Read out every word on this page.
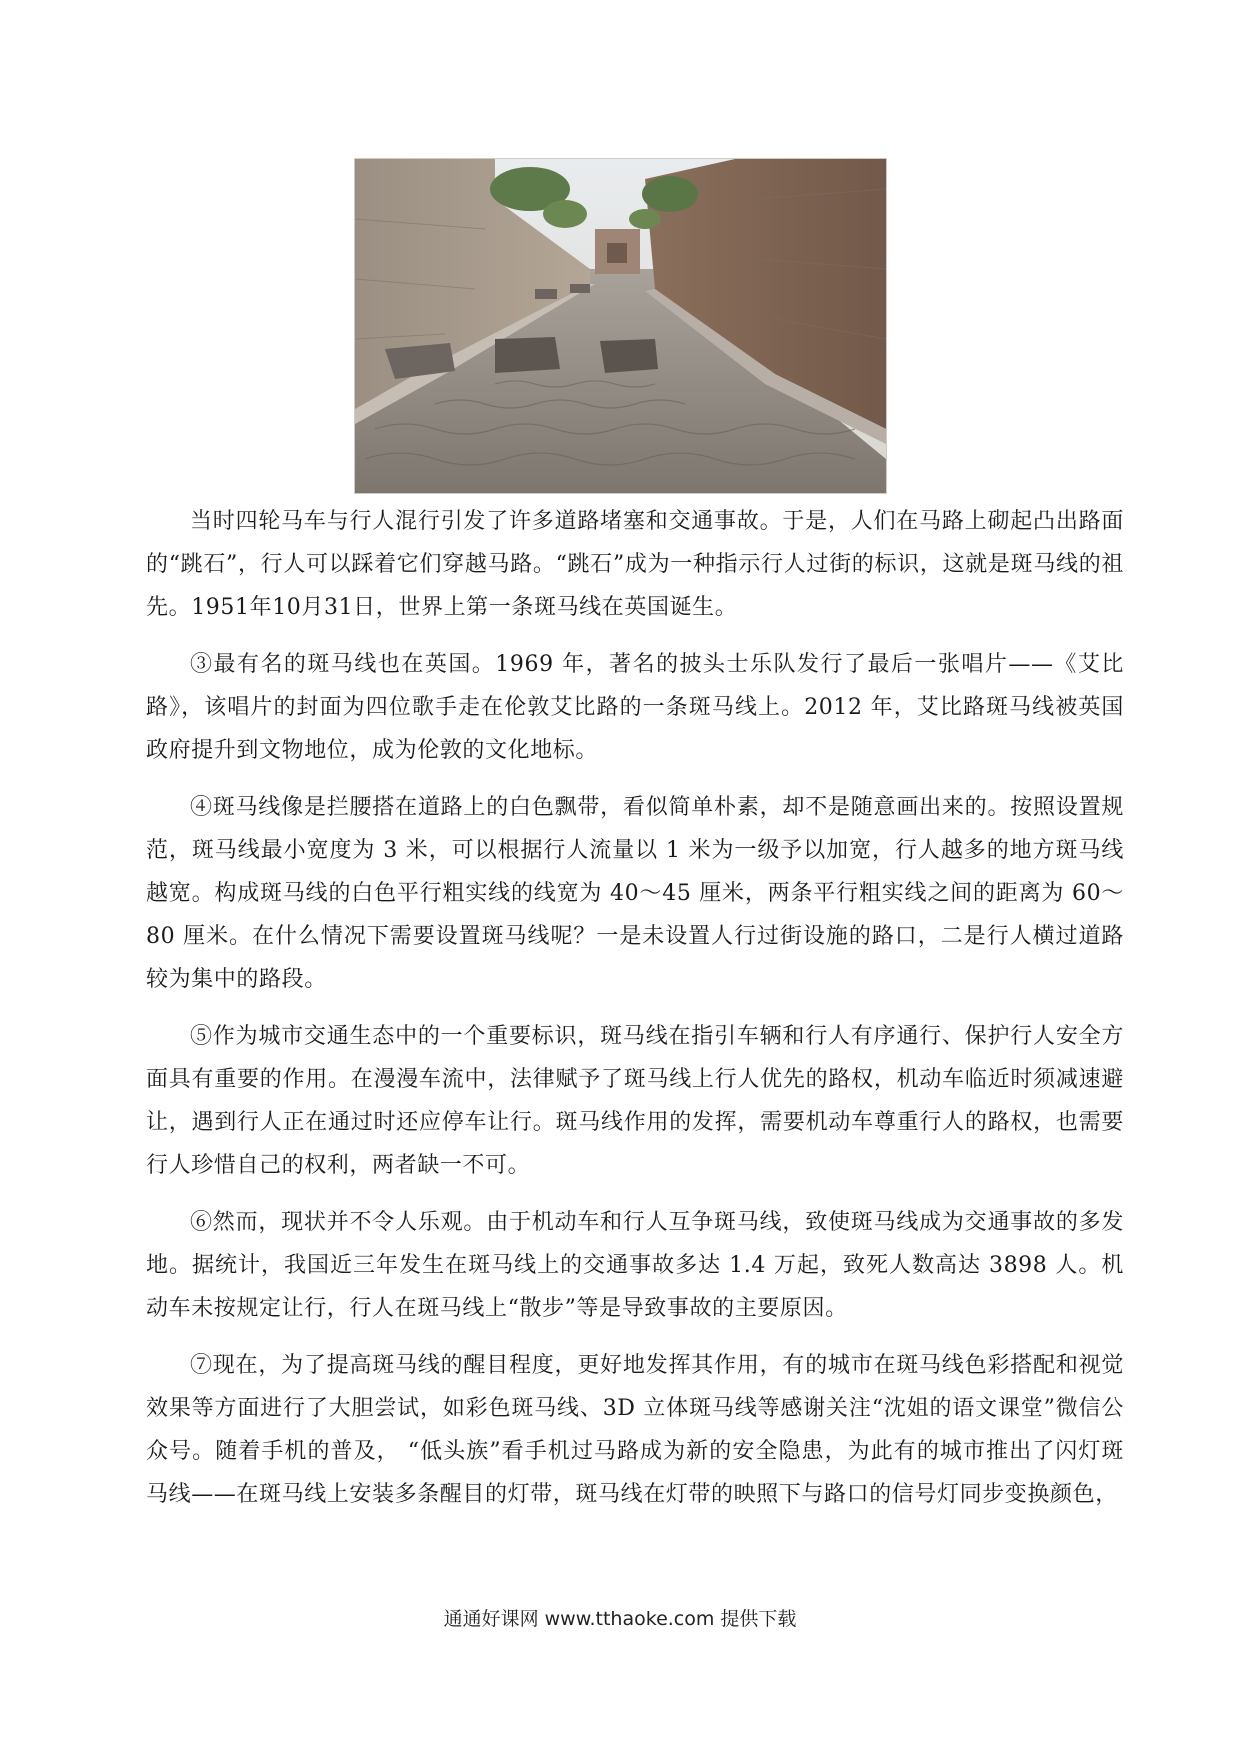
当时四轮马车与行人混行引发了许多道路堵塞和交通事故。于是，人们在马路上砌起凸出路面的“跳石”，行人可以踩着它们穿越马路。“跳石”成为一种指示行人过街的标识，这就是斑马线的祖先。1951年10月31日，世界上第一条斑马线在英国诞生。

③最有名的斑马线也在英国。1969 年，著名的披头士乐队发行了最后一张唱片——《艾比路》，该唱片的封面为四位歌手走在伦敦艾比路的一条斑马线上。2012 年，艾比路斑马线被英国政府提升到文物地位，成为伦敦的文化地标。

④斑马线像是拦腰搭在道路上的白色飘带，看似简单朴素，却不是随意画出来的。按照设置规范，斑马线最小宽度为 3 米，可以根据行人流量以 1 米为一级予以加宽，行人越多的地方斑马线越宽。构成斑马线的白色平行粗实线的线宽为 40～45 厘米，两条平行粗实线之间的距离为 60～80 厘米。在什么情况下需要设置斑马线呢？一是未设置人行过街设施的路口，二是行人横过道路较为集中的路段。

⑤作为城市交通生态中的一个重要标识，斑马线在指引车辆和行人有序通行、保护行人安全方面具有重要的作用。在漫漫车流中，法律赋予了斑马线上行人优先的路权，机动车临近时须减速避让，遇到行人正在通过时还应停车让行。斑马线作用的发挥，需要机动车尊重行人的路权，也需要行人珍惜自己的权利，两者缺一不可。

⑥然而，现状并不令人乐观。由于机动车和行人互争斑马线，致使斑马线成为交通事故的多发地。据统计，我国近三年发生在斑马线上的交通事故多达 1.4 万起，致死人数高达 3898 人。机动车未按规定让行，行人在斑马线上“散步”等是导致事故的主要原因。

⑦现在，为了提高斑马线的醒目程度，更好地发挥其作用，有的城市在斑马线色彩搭配和视觉效果等方面进行了大胆尝试，如彩色斑马线、3D 立体斑马线等感谢关注“沈姐的语文课堂”微信公众号。随着手机的普及， “低头族”看手机过马路成为新的安全隐患，为此有的城市推出了闪灯斑马线——在斑马线上安装多条醒目的灯带，斑马线在灯带的映照下与路口的信号灯同步变换颜色，

通通好课网 www.tthaoke.com 提供下载
